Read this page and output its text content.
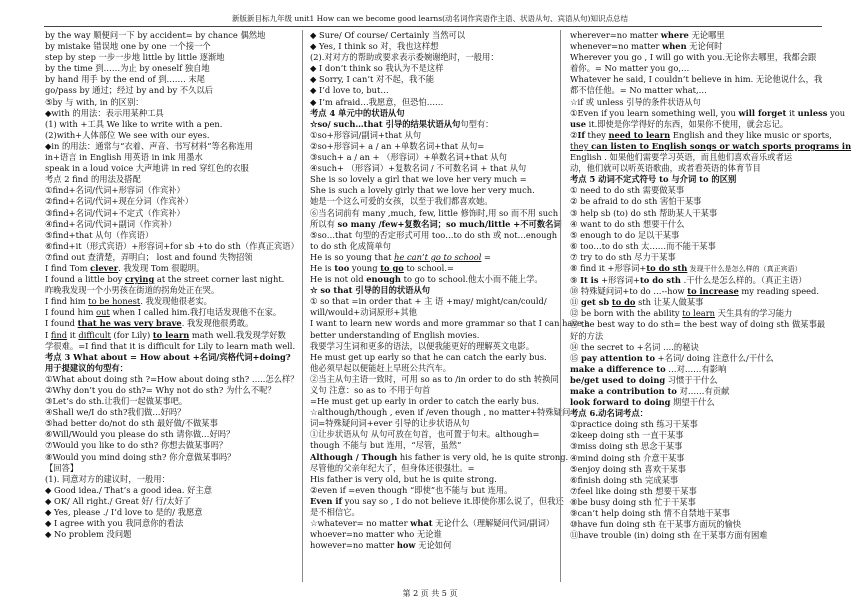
新版新目标九年级 unit1 How can we become good learns(动名词作宾语作主语、状语从句、宾语从句)知识点总结
by the way 顺便问一下 by accident= by chance 偶然地
by mistake 错误地 one by one 一个接一个
step by step 一步一步地 little by little 逐渐地
by the time 到……为止 by oneself 独自地
by hand 用手 by the end of 到……. 末尾
go/pass by 通过；经过 by and by 不久以后
⑤by 与 with, in 的区别：
◆with 的用法：表示用某种工具
(1) with +工具 We like to write with a pen.
(2)with+人体部位 We see with our eyes.
◆in 的用法：通常与“衣着、声音、书写材料”等名称连用
in+语言 in English 用英语 in ink 用墨水
speak in a loud voice 大声地讲 in red 穿红色的衣服
考点 2 find 的用法及搭配
①find+名词/代词+形容词（作宾补）
②find+名词/代词+现在分词（作宾补）
③find+名词/代词+不定式（作宾补）
④find+名词/代词+副词（作宾补）
⑤find+that 从句（作宾语）
⑥find+it（形式宾语）+形容词+for sb +to do sth（作真正宾语）
⑦find out 查清楚，弄明白； lost and found 失物招领
I find Tom clever. 我发现 Tom 很聪明。
I found a little boy crying at the street corner last night.
昨晚我发现一个小男孩在街道的拐角处正在哭。
I find him to be honest. 我发现他很老实。
I found him out when I called him.我打电话发现他不在家。
I found that he was very brave. 我发现他很勇敢。
I find it difficult (for Lily) to learn math well.我发现学好数
学很难。=I find that it is difficult for Lily to learn math well.
考点 3 What about = How about +名词/宾格代词+doing?
用于提建议的句型有：
①What about doing sth ?=How about doing sth? …..怎么样？
②Why don’t you do sth?= Why not do sth? 为什么不呢？
③Let’s do sth.让我们一起做某事吧。
④Shall we/I do sth?我们做…好吗？
⑤had better do/not do sth 最好做/不做某事
⑥Will/Would you please do sth 请你做…好吗？
⑦Would you like to do sth? 你想去做某事吗？
⑧Would you mind doing sth? 你介意做某事吗？
【回答】
(1). 同意对方的建议时，一般用：
◆ Good idea./ That’s a good idea. 好主意
◆ OK/ All right./ Great 好/ 行/太好了
◆ Yes, please ./ I’d love to 是的/ 我愿意
◆ I agree with you 我同意你的看法
◆ No problem 没问题
◆ Sure/ Of course/ Certainly 当然可以
◆ Yes, I think so 对，我也这样想
(2).对对方的帮助或要求表示委婉谢绝时，一般用：
◆ I don’t think so 我认为不是这样
◆ Sorry, I can’t 对不起，我不能
◆ I’d love to, but…
◆ I’m afraid…我愿意，但恐怕……
考点 4 单元中的状语从句
☆so/ such…that 引导的结果状语从句句型有：
①so+形容词/副词+that 从句
②so+形容词+ a / an +单数名词+that 从句=
③such+ a / an + （形容词）+单数名词+that 从句
④such+ （形容词）+复数名词 / 不可数名词 + that 从句
She is so lovely a girl that we love her very much =
She is such a lovely girly that we love her very much.
她是一个这么可爱的女孩，以至于我们都喜欢她。
⑥当名词前有 many ,much, few, little 修饰时,用 so 而不用 such
所以有 so many /few+复数名词；so much/little +不可数名词
⑤so…that 句型的否定形式可用 too…to do sth 或 not…enough
to do sth 化成简单句
He is so young that he can’t go to school =
He is too young to go to school.=
He is not old enough to go to school.他太小而不能上学。
☆ so that 引导的目的状语从句
① so that =in order that + 主 语 +may/ might/can/could/
will/would+动词原形+其他
I want to learn new words and more grammar so that I can have a
better understanding of English movies.
我要学习生词和更多的语法，以便我能更好的理解英文电影。
He must get up early so that he can catch the early bus.
他必须早起以便能赶上早班公共汽车。
②当主从句主语一致时，可用 so as to /in order to do sth 转换同
义句 注意：so as to 不用于句首
=He must get up early in order to catch the early bus.
☆although/though , even if /even though , no matter+特殊疑问
词=特殊疑问词+ever 引导的让步状语从句
①让步状语从句 从句可放在句首，也可置于句末。although=
though 不能与 but 连用，“尽管，虽然”
Although / Though his father is very old, he is quite strong.
尽管他的父亲年纪大了，但身体还很强壮。=
His father is very old, but he is quite strong.
②even if =even though “即使”也不能与 but 连用。
Even if you say so , I do not believe it.即使你那么说了，但我还
是不相信它。
☆whatever= no matter what 无论什么（理解疑问代词/副词）
whoever=no matter who 无论谁
however=no matter how 无论如何
wherever=no matter where 无论哪里
whenever=no matter when 无论何时
Wherever you go , I will go with you.无论你去哪里，我都会跟
着你。= No matter you go,…
Whatever he said, I couldn’t believe in him. 无论他说什么，我
都不信任他。= No matter what,…
☆if 或 unless 引导的条件状语从句
①Even if you learn something well, you will forget it unless you
use it.即使是你学得好的东西，如果你不使用，就会忘记。
②If they need to learn English and they like music or sports,
they can listen to English songs or watch sports programs in
English . 如果他们需要学习英语，而且他们喜欢音乐或者运
动，他们就可以听英语歌曲，或者看英语的体育节目
考点 5 动词不定式符号 to 与介词 to 的区别
① need to do sth 需要做某事
② be afraid to do sth 害怕干某事
③ help sb (to) do sth 帮助某人干某事
④ want to do sth 想要干什么
⑤ enough to do 足以干某事
⑥ too…to do sth 太……而不能干某事
⑦ try to do sth 尽力干某事
⑧ find it +形容词+to do sth 发现干什么是怎么样的（真正宾语）
⑨ It is +形容词+to do sth .干什么是怎么样的。（真正主语）
⑩ 特殊疑问词+to do …--how to increase my reading speed.
⑪ get sb to do sth 让某人做某事
⑫ be born with the ability to learn 天生具有的学习能力
⑬ the best way to do sth= the best way of doing sth 做某事最
好的方法
⑭ the secret to +名词 ….的秘诀
⑮ pay attention to +名词/ doing 注意什么/干什么
make a difference to …对……有影响
be/get used to doing 习惯于干什么
make a contribution to 对……有贡献
look forward to doing 期望干什么
考点 6.动名词考点：
①practice doing sth 练习干某事
②keep doing sth 一直干某事
③miss doing sth 思念干某事
④mind doing sth 介意干某事
⑤enjoy doing sth 喜欢干某事
⑥finish doing sth 完成某事
⑦feel like doing sth 想要干某事
⑧be busy doing sth 忙于干某事
⑨can’t help doing sth 情不自禁地干某事
⑩have fun doing sth 在干某事方面玩的愉快
⑪have trouble (in) doing sth 在干某事方面有困难
第 2 页 共 5 页
